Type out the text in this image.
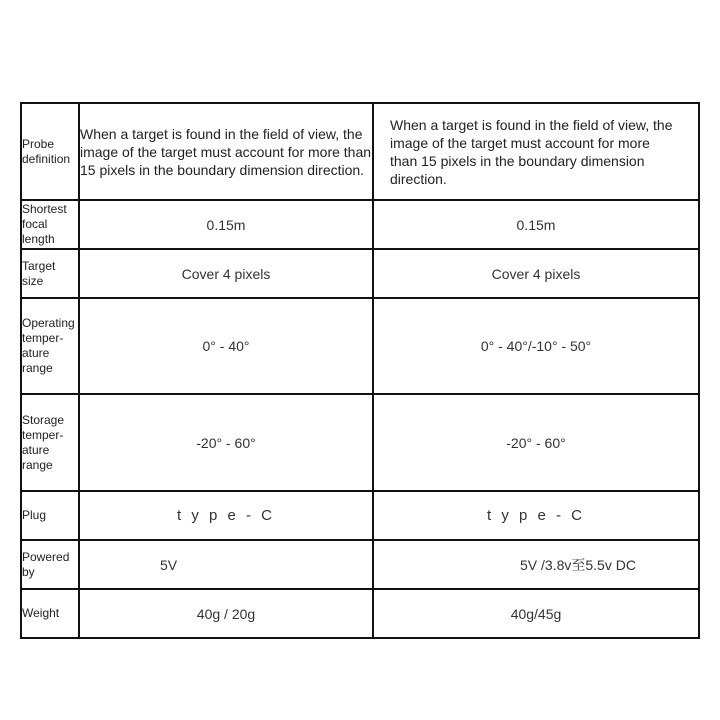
Probe definition	When a target is found in the field of view, the image of the target must account for more than 15 pixels in the boundary dimension direction.	When a target is found in the field of view, the image of the target must account for more than 15 pixels in the boundary dimension direction.
Shortest focal length	0.15m	0.15m
Target size	Cover 4 pixels	Cover 4 pixels
Operating temper-ature range	0° - 40°	0° - 40°/-10° - 50°
Storage temper-ature range	-20° - 60°	-20° - 60°
Plug	t y p e - C	t y p e - C
Powered by	5V	5V /3.8v至5.5v DC
Weight	40g / 20g	40g/45g
